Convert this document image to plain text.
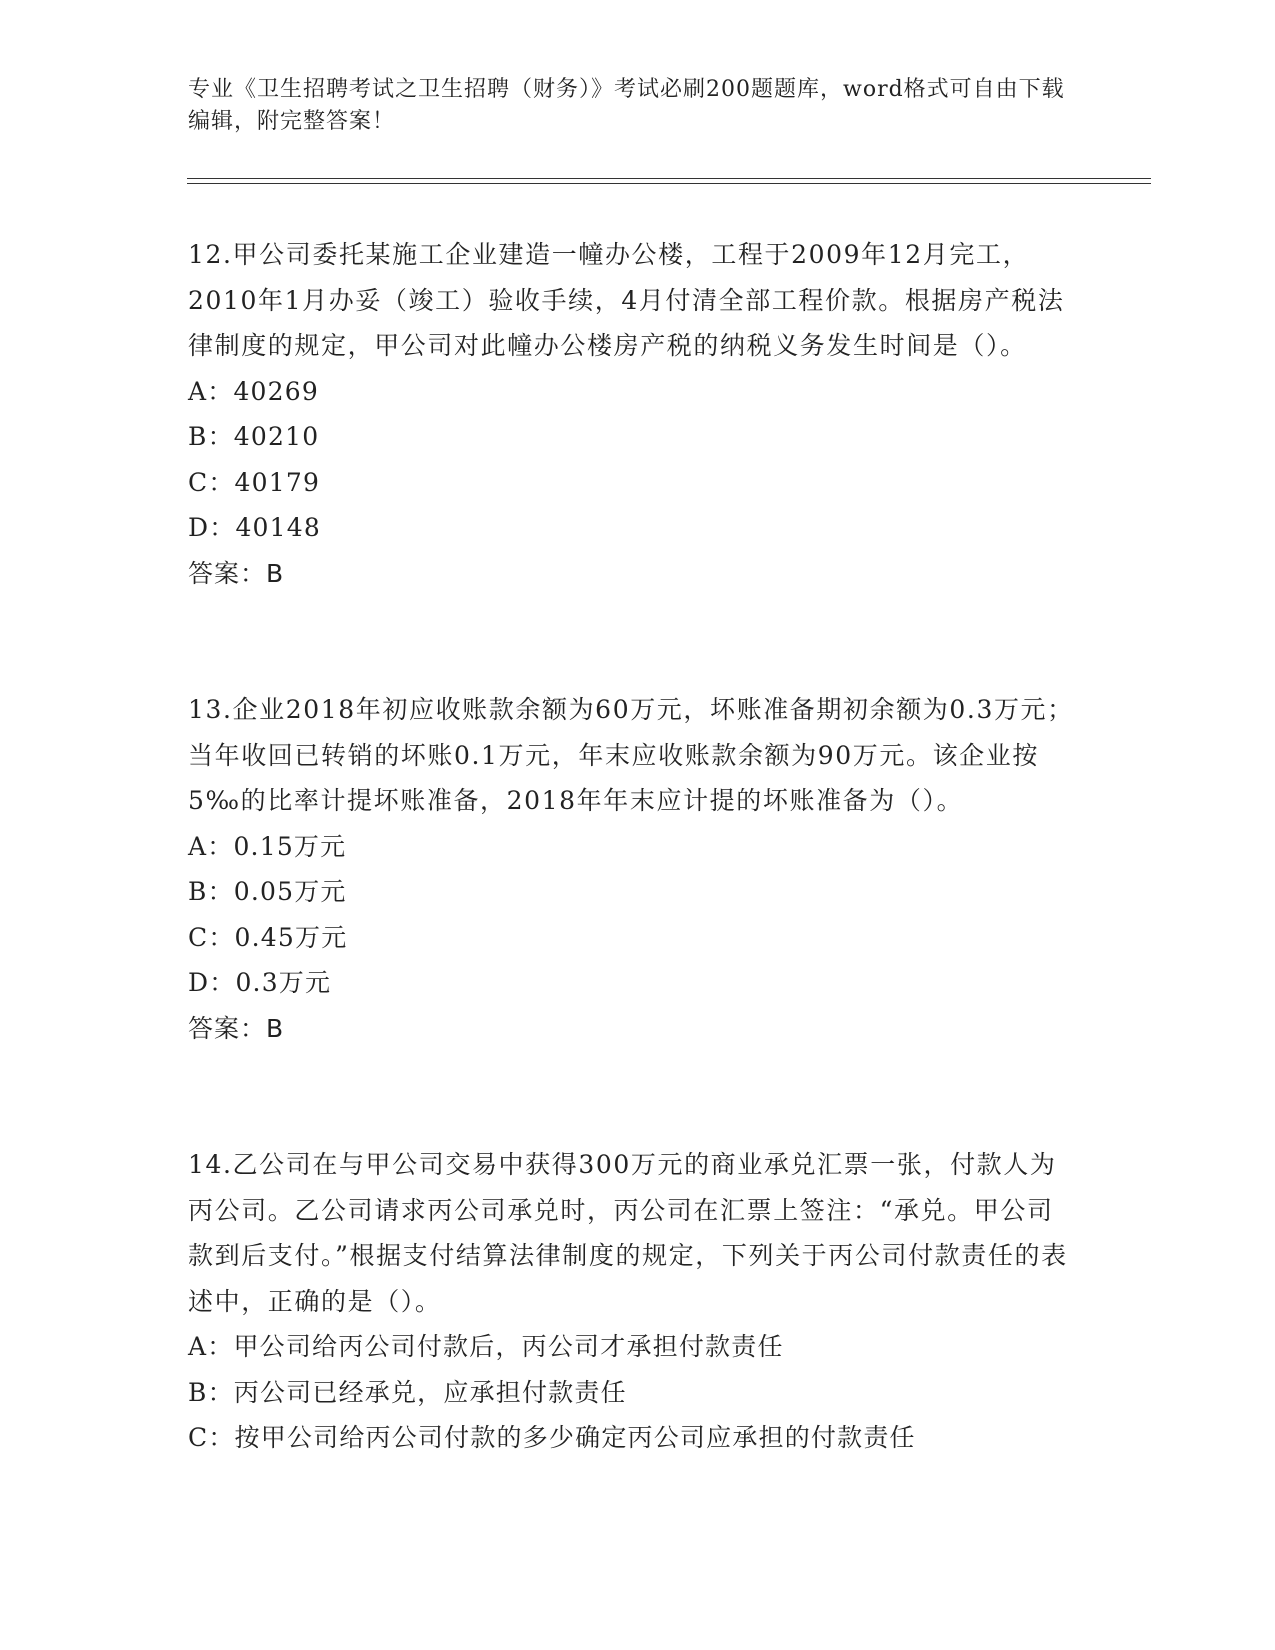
专业《卫生招聘考试之卫生招聘（财务）》考试必刷200题题库，word格式可自由下载编辑，附完整答案！

12.甲公司委托某施工企业建造一幢办公楼，工程于2009年12月完工，2010年1月办妥（竣工）验收手续，4月付清全部工程价款。根据房产税法律制度的规定，甲公司对此幢办公楼房产税的纳税义务发生时间是（）。

A：40269
B：40210
C：40179
D：40148
答案：B

13.企业2018年初应收账款余额为60万元，坏账准备期初余额为0.3万元；当年收回已转销的坏账0.1万元，年末应收账款余额为90万元。该企业按5‰的比率计提坏账准备，2018年年末应计提的坏账准备为（）。

A：0.15万元
B：0.05万元
C：0.45万元
D：0.3万元
答案：B

14.乙公司在与甲公司交易中获得300万元的商业承兑汇票一张，付款人为丙公司。乙公司请求丙公司承兑时，丙公司在汇票上签注：“承兑。甲公司款到后支付。”根据支付结算法律制度的规定，下列关于丙公司付款责任的表述中，正确的是（）。

A：甲公司给丙公司付款后，丙公司才承担付款责任
B：丙公司已经承兑，应承担付款责任
C：按甲公司给丙公司付款的多少确定丙公司应承担的付款责任
